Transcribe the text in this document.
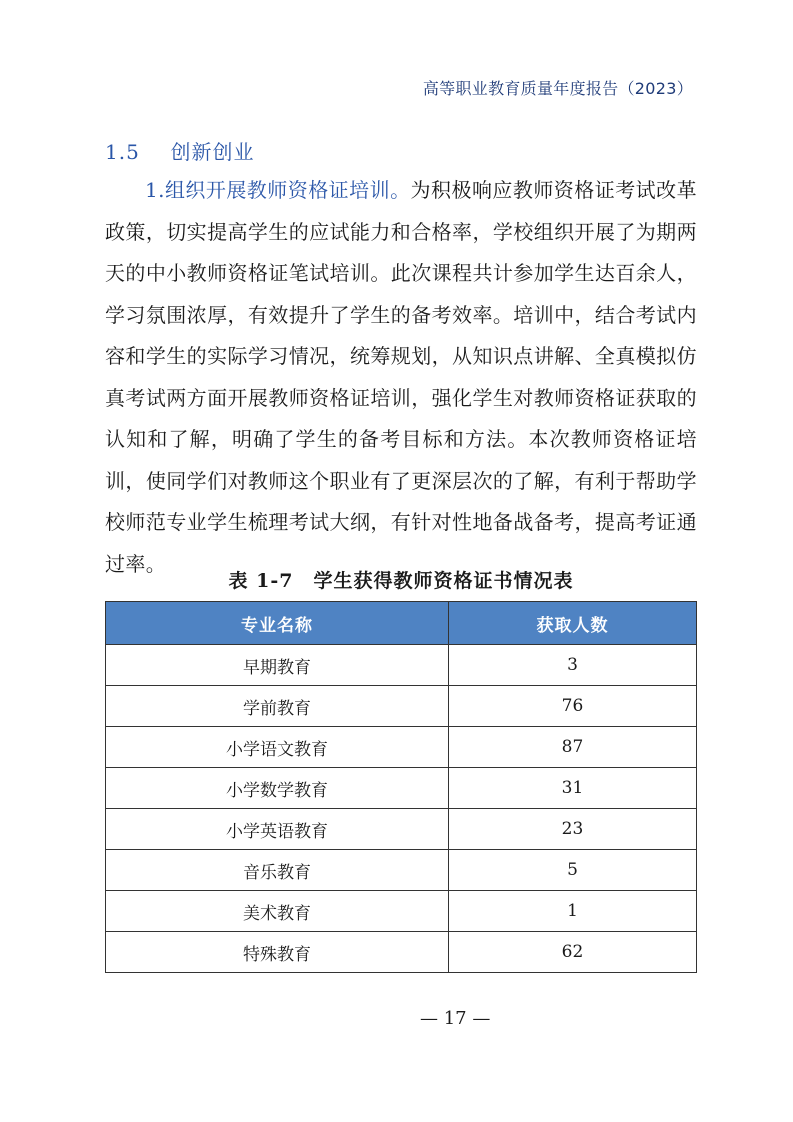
高等职业教育质量年度报告（2023）
1.5 创新创业
1.组织开展教师资格证培训。为积极响应教师资格证考试改革政策，切实提高学生的应试能力和合格率，学校组织开展了为期两天的中小教师资格证笔试培训。此次课程共计参加学生达百余人，学习氛围浓厚，有效提升了学生的备考效率。培训中，结合考试内容和学生的实际学习情况，统筹规划，从知识点讲解、全真模拟仿真考试两方面开展教师资格证培训，强化学生对教师资格证获取的认知和了解，明确了学生的备考目标和方法。本次教师资格证培训，使同学们对教师这个职业有了更深层次的了解，有利于帮助学校师范专业学生梳理考试大纲，有针对性地备战备考，提高考证通过率。
表 1-7　学生获得教师资格证书情况表
专业名称	获取人数
早期教育	3
学前教育	76
小学语文教育	87
小学数学教育	31
小学英语教育	23
音乐教育	5
美术教育	1
特殊教育	62
— 17 —
